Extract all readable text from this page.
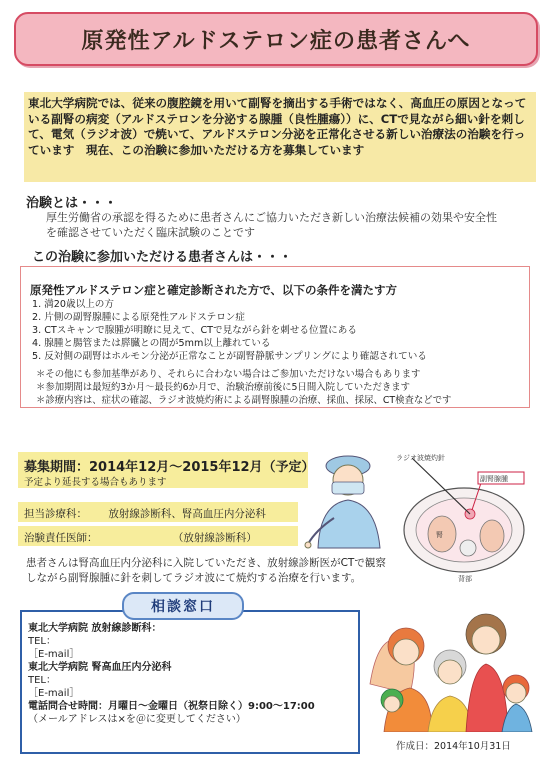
原発性アルドステロン症の患者さんへ
東北大学病院では、従来の腹腔鏡を用いて副腎を摘出する手術ではなく、高血圧の原因となっている副腎の病変（アルドステロンを分泌する腺腫（良性腫瘍））に、CTで見ながら細い針を刺して、電気（ラジオ波）で焼いて、アルドステロン分泌を正常化させる新しい治療法の治験を行っています　現在、この治験に参加いただける方を募集しています
治験とは・・・
厚生労働省の承認を得るために患者さんにご協力いただき新しい治療法候補の効果や安全性を確認させていただく臨床試験のことです
この治験に参加いただける患者さんは・・・
原発性アルドステロン症と確定診断された方で、以下の条件を満たす方
1. 満20歳以上の方
2. 片側の副腎腺腫による原発性アルドステロン症
3. CTスキャンで腺腫が明瞭に見えて、CTで見ながら針を刺せる位置にある
4. 腺腫と腸管または膵臓との間が5mm以上離れている
5. 反対側の副腎はホルモン分泌が正常なことが副腎静脈サンプリングにより確認されている
＊その他にも参加基準があり、それらに合わない場合はご参加いただけない場合もあります
＊参加期間は最短約3か月～最長約6か月で、治験治療前後に5日間入院していただきます
＊診療内容は、症状の確認、ラジオ波焼灼術による副腎腺腫の治療、採血、採尿、CT検査などです
募集期間：2014年12月～2015年12月（予定）
予定より延長する場合もあります
担当診療科： 放射線診断科、腎高血圧内分泌科
治験責任医師：	（放射線診断科）
ラジオ波焼灼針
副腎腺腫
腎
背部
患者さんは腎高血圧内分泌科に入院していただき、放射線診断医がCTで観察しながら副腎腺腫に針を刺してラジオ波にて焼灼する治療を行います。
相談窓口
東北大学病院 放射線診断科：
TEL：
［E-mail］
東北大学病院 腎高血圧内分泌科
TEL：
［E-mail］
電話問合せ時間：月曜日～金曜日（祝祭日除く）9:00～17:00
（メールアドレスは×を＠に変更してください）
作成日：2014年10月31日
